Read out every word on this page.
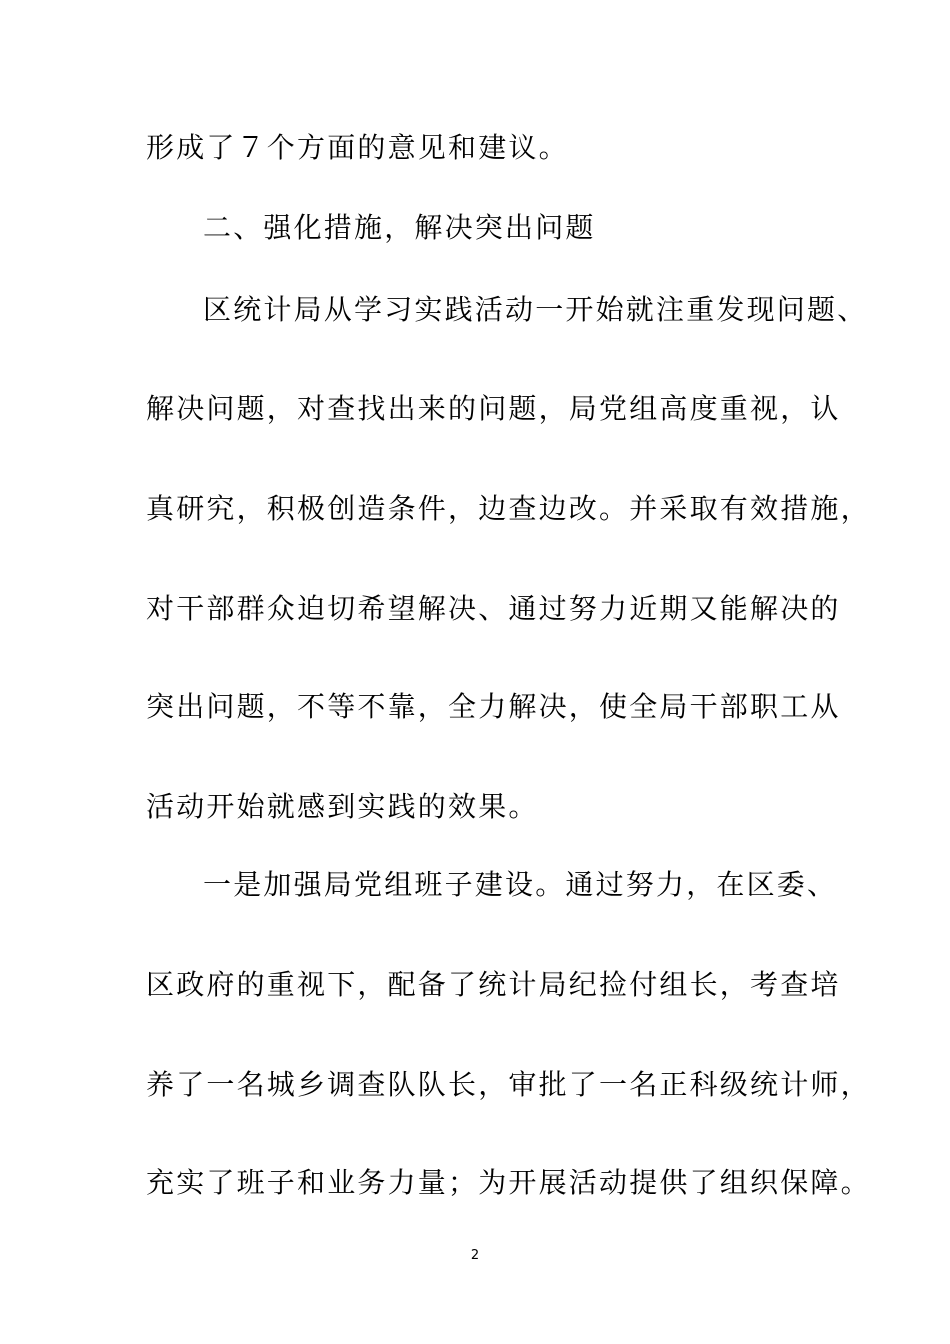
形成了７个方面的意见和建议。
二、强化措施，解决突出问题
区统计局从学习实践活动一开始就注重发现问题、
解决问题，对查找出来的问题，局党组高度重视，认
真研究，积极创造条件，边查边改。并采取有效措施，
对干部群众迫切希望解决、通过努力近期又能解决的
突出问题，不等不靠，全力解决，使全局干部职工从
活动开始就感到实践的效果。
一是加强局党组班子建设。通过努力，在区委、
区政府的重视下，配备了统计局纪捡付组长，考查培
养了一名城乡调查队队长，审批了一名正科级统计师，
充实了班子和业务力量；为开展活动提供了组织保障。
2
